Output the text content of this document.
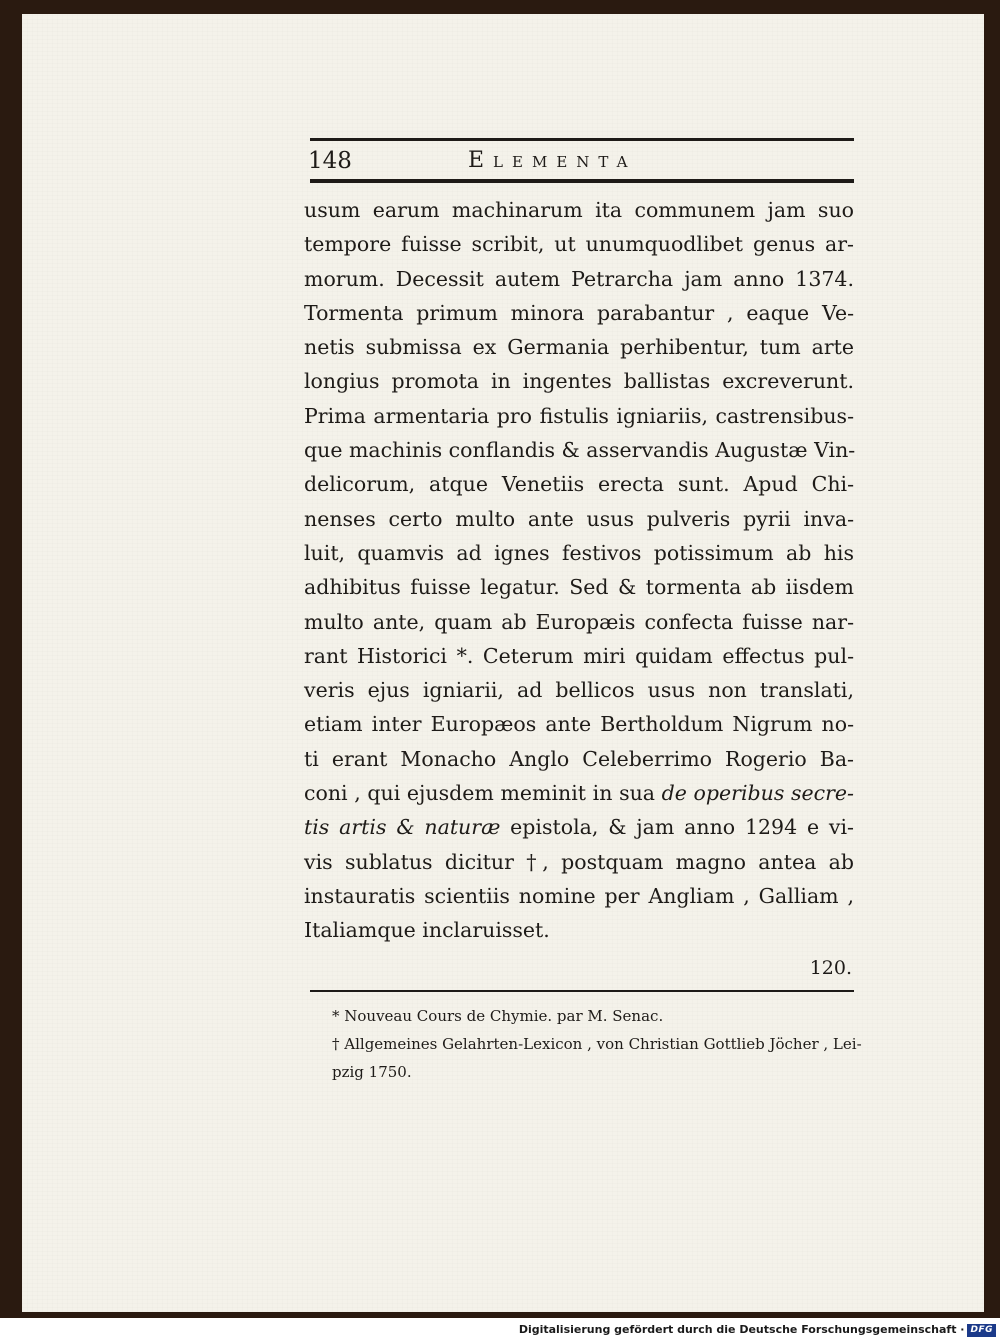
148	Elementa
usum earum machinarum ita communem jam suo
tempore fuisse scribit, ut unumquodlibet genus ar-
morum. Decessit autem Petrarcha jam anno 1374.
Tormenta primum minora parabantur , eaque Ve-
netis submissa ex Germania perhibentur, tum arte
longius promota in ingentes ballistas excreverunt.
Prima armentaria pro fistulis igniariis, castrensibus-
que machinis conflandis & asservandis Augustæ Vin-
delicorum, atque Venetiis erecta sunt. Apud Chi-
nenses certo multo ante usus pulveris pyrii inva-
luit, quamvis ad ignes festivos potissimum ab his
adhibitus fuisse legatur. Sed & tormenta ab iisdem
multo ante, quam ab Europæis confecta fuisse nar-
rant Historici *. Ceterum miri quidam effectus pul-
veris ejus igniarii, ad bellicos usus non translati,
etiam inter Europæos ante Bertholdum Nigrum no-
ti erant Monacho Anglo Celeberrimo Rogerio Ba-
coni , qui ejusdem meminit in sua de operibus secre-
tis artis & naturæ epistola, & jam anno 1294 e vi-
vis sublatus dicitur †, postquam magno antea ab
instauratis scientiis nomine per Angliam , Galliam ,
Italiamque inclaruisset.
120.
* Nouveau Cours de Chymie. par M. Senac.
† Allgemeines Gelahrten-Lexicon , von Christian Gottlieb Jöcher , Lei-
pzig 1750.
Digitalisierung gefördert durch die Deutsche Forschungsgemeinschaft · DFG
